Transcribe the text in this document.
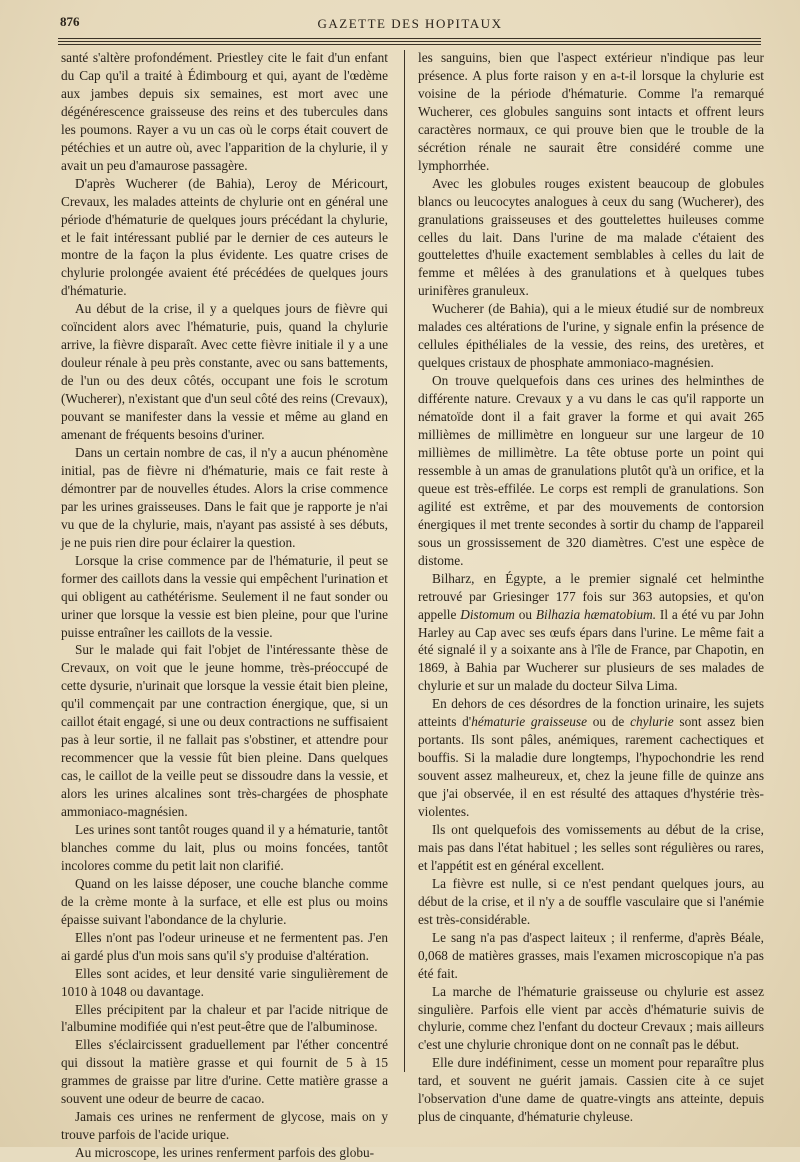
876	GAZETTE DES HOPITAUX

santé s'altère profondément. Priestley cite le fait d'un enfant du Cap qu'il a traité à Édimbourg et qui, ayant de l'œdème aux jambes depuis six semaines, est mort avec une dégénérescence graisseuse des reins et des tubercules dans les poumons. Rayer a vu un cas où le corps était couvert de pétéchies et un autre où, avec l'apparition de la chylurie, il y avait un peu d'amaurose passagère.

D'après Wucherer (de Bahia), Leroy de Méricourt, Crevaux, les malades atteints de chylurie ont en général une période d'hématurie de quelques jours précédant la chylurie, et le fait intéressant publié par le dernier de ces auteurs le montre de la façon la plus évidente. Les quatre crises de chylurie prolongée avaient été précédées de quelques jours d'hématurie.

Au début de la crise, il y a quelques jours de fièvre qui coïncident alors avec l'hématurie, puis, quand la chylurie arrive, la fièvre disparaît. Avec cette fièvre initiale il y a une douleur rénale à peu près constante, avec ou sans battements, de l'un ou des deux côtés, occupant une fois le scrotum (Wucherer), n'existant que d'un seul côté des reins (Crevaux), pouvant se manifester dans la vessie et même au gland en amenant de fréquents besoins d'uriner.

Dans un certain nombre de cas, il n'y a aucun phénomène initial, pas de fièvre ni d'hématurie, mais ce fait reste à démontrer par de nouvelles études. Alors la crise commence par les urines graisseuses. Dans le fait que je rapporte je n'ai vu que de la chylurie, mais, n'ayant pas assisté à ses débuts, je ne puis rien dire pour éclairer la question.

Lorsque la crise commence par de l'hématurie, il peut se former des caillots dans la vessie qui empêchent l'urination et qui obligent au cathétérisme. Seulement il ne faut sonder ou uriner que lorsque la vessie est bien pleine, pour que l'urine puisse entraîner les caillots de la vessie.

Sur le malade qui fait l'objet de l'intéressante thèse de Crevaux, on voit que le jeune homme, très-préoccupé de cette dysurie, n'urinait que lorsque la vessie était bien pleine, qu'il commençait par une contraction énergique, que, si un caillot était engagé, si une ou deux contractions ne suffisaient pas à leur sortie, il ne fallait pas s'obstiner, et attendre pour recommencer que la vessie fût bien pleine. Dans quelques cas, le caillot de la veille peut se dissoudre dans la vessie, et alors les urines alcalines sont très-chargées de phosphate ammoniaco-magnésien.

Les urines sont tantôt rouges quand il y a hématurie, tantôt blanches comme du lait, plus ou moins foncées, tantôt incolores comme du petit lait non clarifié.

Quand on les laisse déposer, une couche blanche comme de la crème monte à la surface, et elle est plus ou moins épaisse suivant l'abondance de la chylurie.

Elles n'ont pas l'odeur urineuse et ne fermentent pas. J'en ai gardé plus d'un mois sans qu'il s'y produise d'altération.

Elles sont acides, et leur densité varie singulièrement de 1010 à 1048 ou davantage.

Elles précipitent par la chaleur et par l'acide nitrique de l'albumine modifiée qui n'est peut-être que de l'albuminose.

Elles s'éclaircissent graduellement par l'éther concentré qui dissout la matière grasse et qui fournit de 5 à 15 grammes de graisse par litre d'urine. Cette matière grasse a souvent une odeur de beurre de cacao.

Jamais ces urines ne renferment de glycose, mais on y trouve parfois de l'acide urique.

Au microscope, les urines renferment parfois des globu-

les sanguins, bien que l'aspect extérieur n'indique pas leur présence. A plus forte raison y en a-t-il lorsque la chylurie est voisine de la période d'hématurie. Comme l'a remarqué Wucherer, ces globules sanguins sont intacts et offrent leurs caractères normaux, ce qui prouve bien que le trouble de la sécrétion rénale ne saurait être considéré comme une lymphorrhée.

Avec les globules rouges existent beaucoup de globules blancs ou leucocytes analogues à ceux du sang (Wucherer), des granulations graisseuses et des gouttelettes huileuses comme celles du lait. Dans l'urine de ma malade c'étaient des gouttelettes d'huile exactement semblables à celles du lait de femme et mêlées à des granulations et à quelques tubes urinifères granuleux.

Wucherer (de Bahia), qui a le mieux étudié sur de nombreux malades ces altérations de l'urine, y signale enfin la présence de cellules épithéliales de la vessie, des reins, des uretères, et quelques cristaux de phosphate ammoniaco-magnésien.

On trouve quelquefois dans ces urines des helminthes de différente nature. Crevaux y a vu dans le cas qu'il rapporte un nématoïde dont il a fait graver la forme et qui avait 265 millièmes de millimètre en longueur sur une largeur de 10 millièmes de millimètre. La tête obtuse porte un point qui ressemble à un amas de granulations plutôt qu'à un orifice, et la queue est très-effilée. Le corps est rempli de granulations. Son agilité est extrême, et par des mouvements de contorsion énergiques il met trente secondes à sortir du champ de l'appareil sous un grossissement de 320 diamètres. C'est une espèce de distome.

Bilharz, en Égypte, a le premier signalé cet helminthe retrouvé par Griesinger 177 fois sur 363 autopsies, et qu'on appelle Distomum ou Bilhazia hæmatobium. Il a été vu par John Harley au Cap avec ses œufs épars dans l'urine. Le même fait a été signalé il y a soixante ans à l'île de France, par Chapotin, en 1869, à Bahia par Wucherer sur plusieurs de ses malades de chylurie et sur un malade du docteur Silva Lima.

En dehors de ces désordres de la fonction urinaire, les sujets atteints d'hématurie graisseuse ou de chylurie sont assez bien portants. Ils sont pâles, anémiques, rarement cachectiques et bouffis. Si la maladie dure longtemps, l'hypochondrie les rend souvent assez malheureux, et, chez la jeune fille de quinze ans que j'ai observée, il en est résulté des attaques d'hystérie très-violentes.

Ils ont quelquefois des vomissements au début de la crise, mais pas dans l'état habituel ; les selles sont régulières ou rares, et l'appétit est en général excellent.

La fièvre est nulle, si ce n'est pendant quelques jours, au début de la crise, et il n'y a de souffle vasculaire que si l'anémie est très-considérable.

Le sang n'a pas d'aspect laiteux ; il renferme, d'après Béale, 0,068 de matières grasses, mais l'examen microscopique n'a pas été fait.

La marche de l'hématurie graisseuse ou chylurie est assez singulière. Parfois elle vient par accès d'hématurie suivis de chylurie, comme chez l'enfant du docteur Crevaux ; mais ailleurs c'est une chylurie chronique dont on ne connaît pas le début.

Elle dure indéfiniment, cesse un moment pour reparaître plus tard, et souvent ne guérit jamais. Cassien cite à ce sujet l'observation d'une dame de quatre-vingts ans atteinte, depuis plus de cinquante, d'hématurie chyleuse.
